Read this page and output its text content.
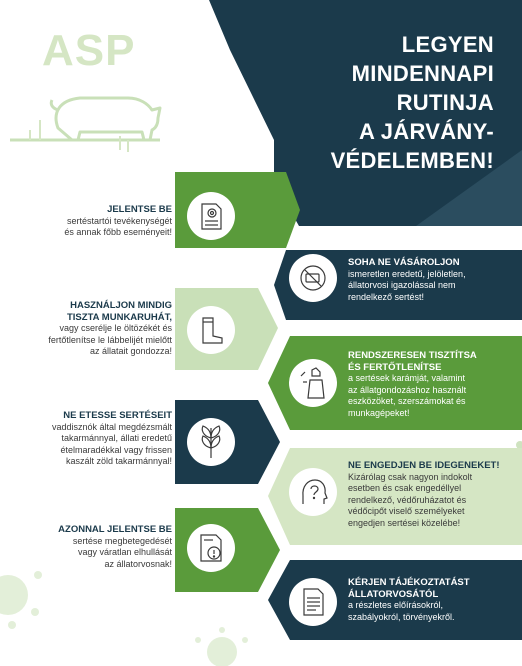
ASP	LEGYEN
MINDENNAPI
RUTINJA
A JÁRVÁNY-
VÉDELEMBEN!
JELENTSE BE
sertéstartói tevékenységét
és annak főbb eseményeit!
HASZNÁLJON MINDIG
TISZTA MUNKARUHÁT,
vagy cserélje le öltözékét és
fertőtlenítse le lábbelijét mielőtt
az állatait gondozza!
NE ETESSE SERTÉSEIT
vaddisznók által megdézsmált
takarmánnyal, állati eredetű
ételmaradékkal vagy frissen
kaszált zöld takarmánnyal!
AZONNAL JELENTSE BE
sertése megbetegedését
vagy váratlan elhullását
az állatorvosnak!
SOHA NE VÁSÁROLJON
ismeretlen eredetű, jelöletlen,
állatorvosi igazolással nem
rendelkező sertést!
RENDSZERESEN TISZTÍTSA
ÉS FERTŐTLENÍTSE
a sertések karámját, valamint
az állatgondozáshoz használt
eszközöket, szerszámokat és
munkagépeket!
NE ENGEDJEN BE IDEGENEKET!
Kizárólag csak nagyon indokolt
esetben és csak engedéllyel
rendelkező, védőruházatot és
védőcipőt viselő személyeket
engedjen sertései közelébe!
KÉRJEN TÁJÉKOZTATÁST
ÁLLATORVOSÁTÓL
a részletes előírásokról,
szabályokról, törvényekről.
